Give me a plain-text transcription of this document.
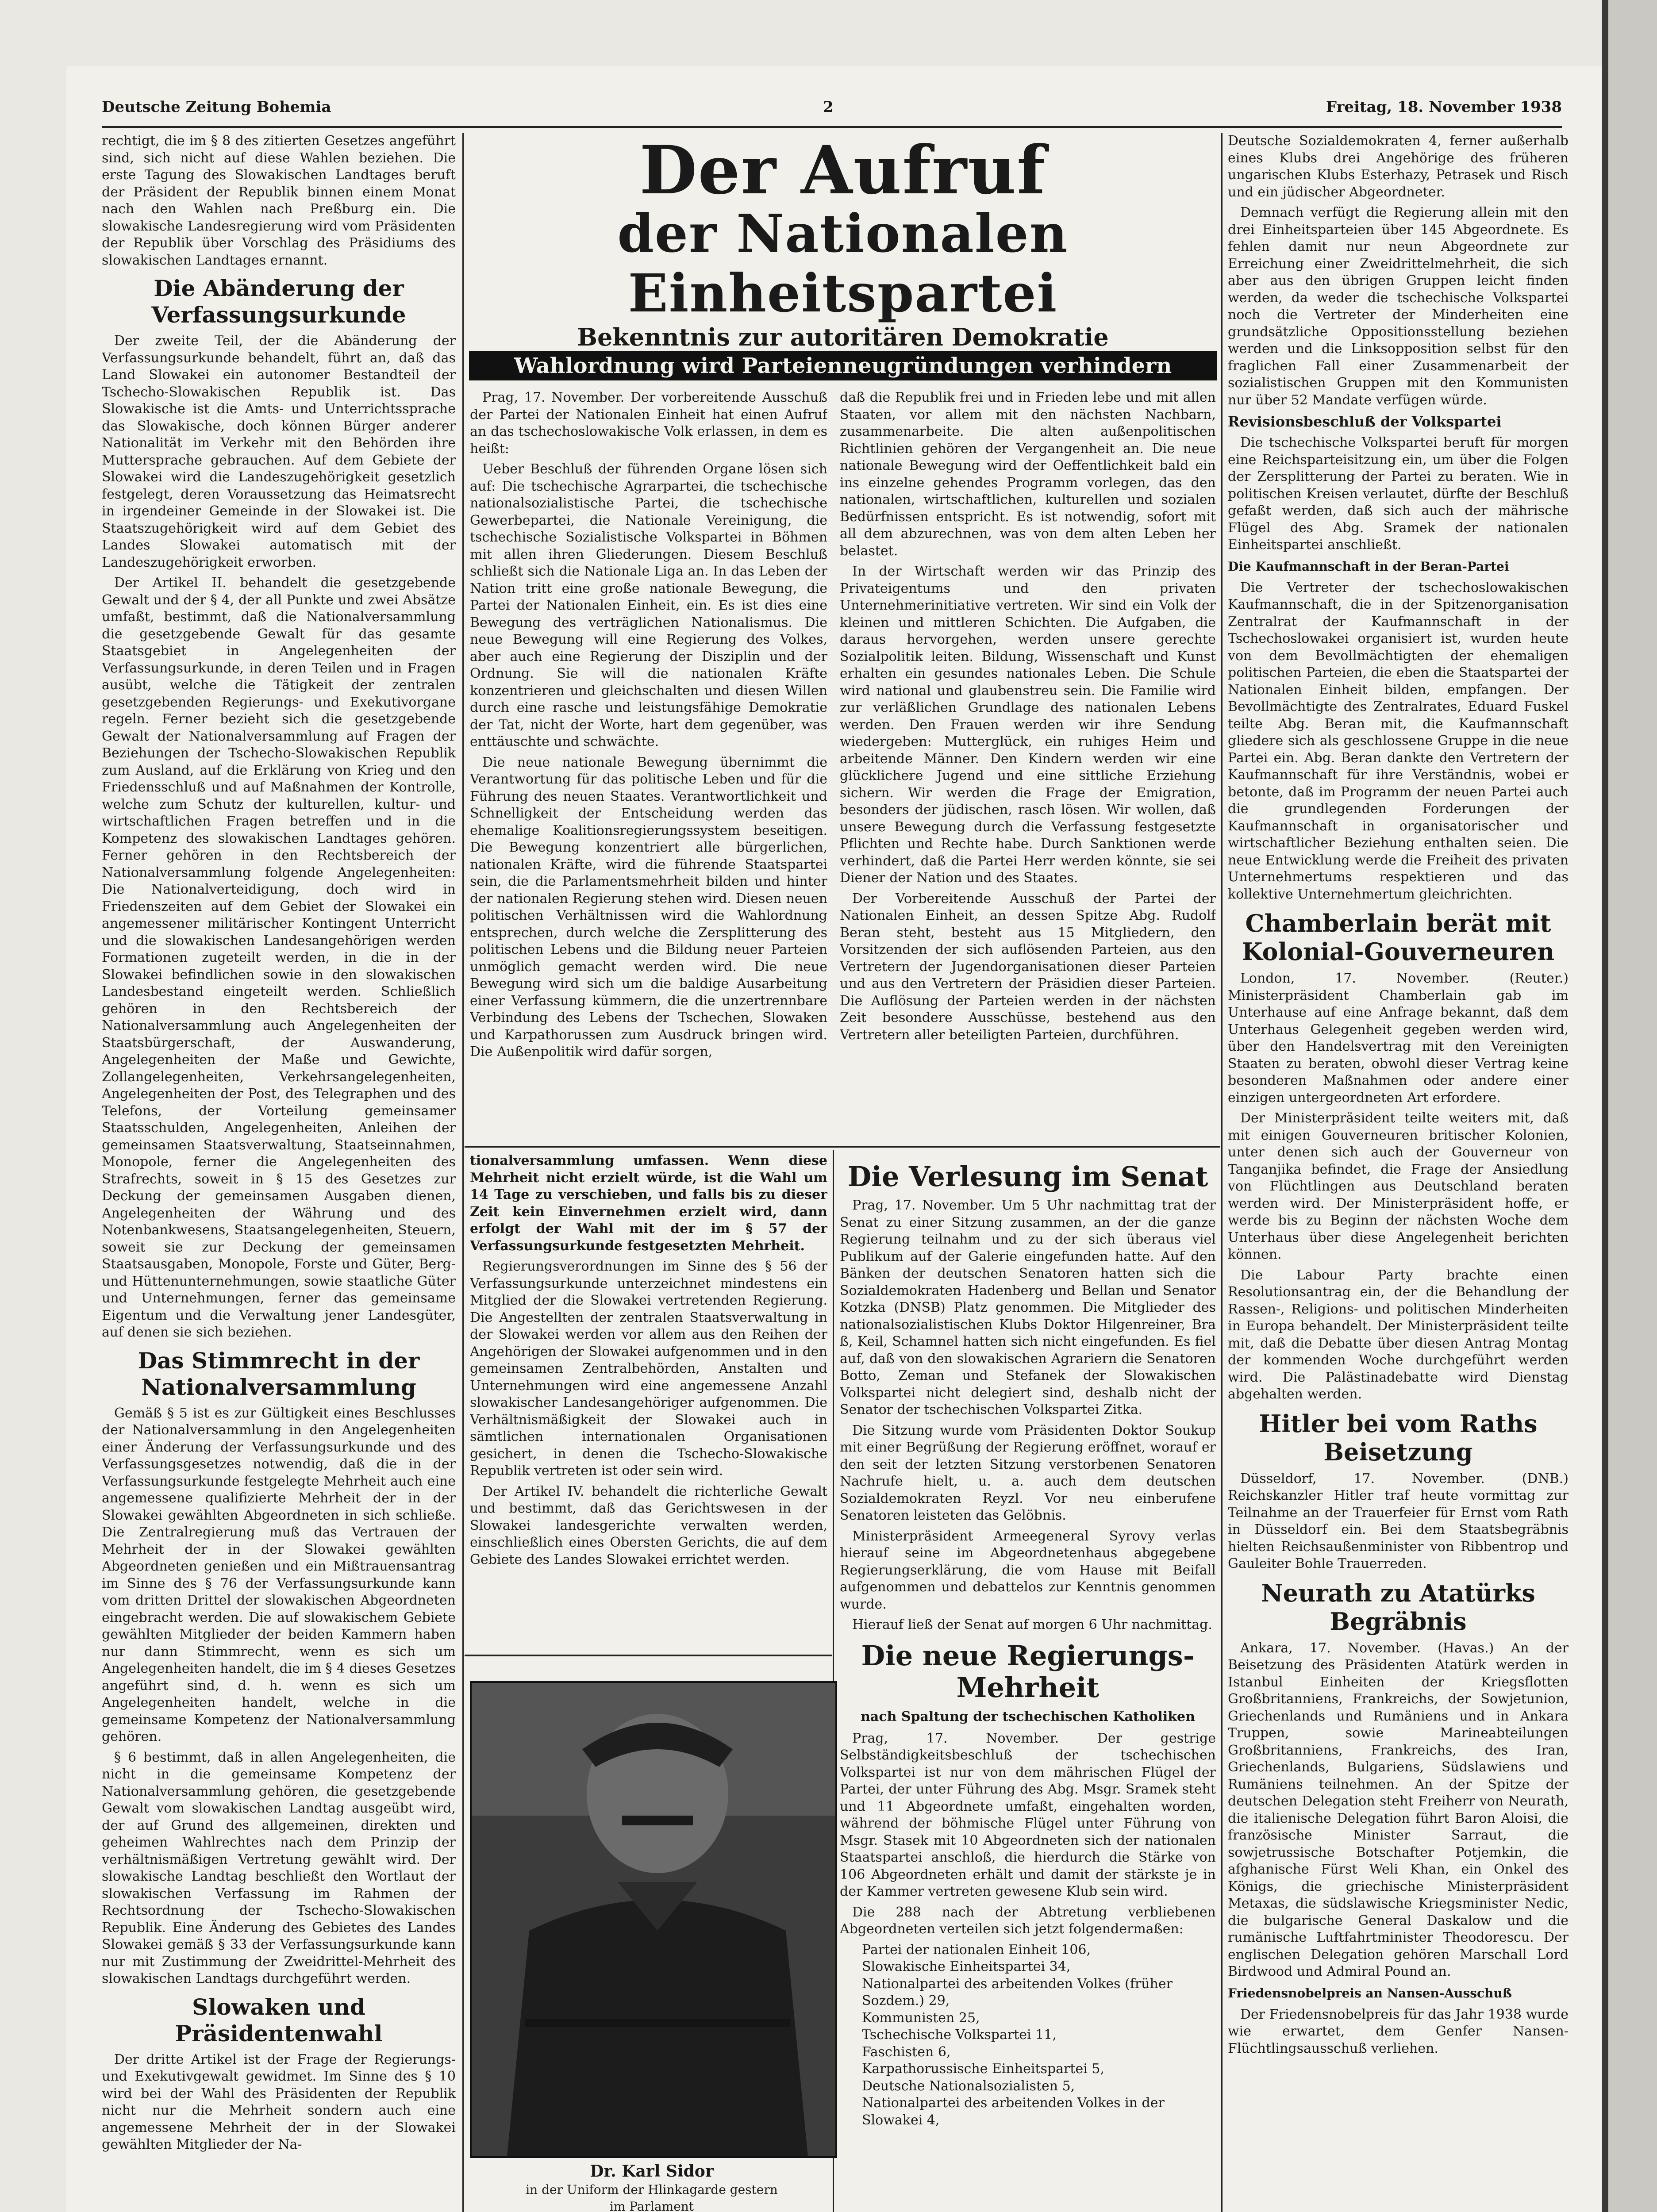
Deutsche Zeitung Bohemia	2	Freitag, 18. November 1938

rechtigt, die im § 8 des zitierten Gesetzes angeführt sind, sich nicht auf diese Wahlen beziehen. Die erste Tagung des Slowakischen Landtages beruft der Präsident der Republik binnen einem Monat nach den Wahlen nach Preßburg ein. Die slowakische Landesregierung wird vom Präsidenten der Republik über Vorschlag des Präsidiums des slowakischen Landtages ernannt.

Die Abänderung der Verfassungsurkunde

Der zweite Teil, der die Abänderung der Verfassungsurkunde behandelt, führt an, daß das Land Slowakei ein autonomer Bestandteil der Tschecho-Slowakischen Republik ist. Das Slowakische ist die Amts- und Unterrichtssprache das Slowakische, doch können Bürger anderer Nationalität im Verkehr mit den Behörden ihre Muttersprache gebrauchen. Auf dem Gebiete der Slowakei wird die Landeszugehörigkeit gesetzlich festgelegt, deren Voraussetzung das Heimatsrecht in irgendeiner Gemeinde in der Slowakei ist. Die Staatszugehörigkeit wird auf dem Gebiet des Landes Slowakei automatisch mit der Landeszugehörigkeit erworben.

Der Artikel II. behandelt die gesetzgebende Gewalt und der § 4, der all Punkte und zwei Absätze umfaßt, bestimmt, daß die Nationalversammlung die gesetzgebende Gewalt für das gesamte Staatsgebiet in Angelegenheiten der Verfassungsurkunde, in deren Teilen und in Fragen ausübt, welche die Tätigkeit der zentralen gesetzgebenden Regierungs- und Exekutivorgane regeln. Ferner bezieht sich die gesetzgebende Gewalt der Nationalversammlung auf Fragen der Beziehungen der Tschecho-Slowakischen Republik zum Ausland, auf die Erklärung von Krieg und den Friedensschluß und auf Maßnahmen der Kontrolle, welche zum Schutz der kulturellen, kultur- und wirtschaftlichen Fragen betreffen und in die Kompetenz des slowakischen Landtages gehören. Ferner gehören in den Rechtsbereich der Nationalversammlung folgende Angelegenheiten: Die Nationalverteidigung, doch wird in Friedenszeiten auf dem Gebiet der Slowakei ein angemessener militärischer Kontingent Unterricht und die slowakischen Landesangehörigen werden Formationen zugeteilt werden, in die in der Slowakei befindlichen sowie in den slowakischen Landesbestand eingeteilt werden. Schließlich gehören in den Rechtsbereich der Nationalversammlung auch Angelegenheiten der Staatsbürgerschaft, der Auswanderung, Angelegenheiten der Maße und Gewichte, Zollangelegenheiten, Verkehrsangelegenheiten, Angelegenheiten der Post, des Telegraphen und des Telefons, der Vorteilung gemeinsamer Staatsschulden, Angelegenheiten, Anleihen der gemeinsamen Staatsverwaltung, Staatseinnahmen, Monopole, ferner die Angelegenheiten des Strafrechts, soweit in § 15 des Gesetzes zur Deckung der gemeinsamen Ausgaben dienen, Angelegenheiten der Währung und des Notenbankwesens, Staatsangelegenheiten, Steuern, soweit sie zur Deckung der gemeinsamen Staatsausgaben, Monopole, Forste und Güter, Berg- und Hüttenunternehmungen, sowie staatliche Güter und Unternehmungen, ferner das gemeinsame Eigentum und die Verwaltung jener Landesgüter, auf denen sie sich beziehen.

Das Stimmrecht in der Nationalversammlung

Gemäß § 5 ist es zur Gültigkeit eines Beschlusses der Nationalversammlung in den Angelegenheiten einer Änderung der Verfassungsurkunde und des Verfassungsgesetzes notwendig, daß die in der Verfassungsurkunde festgelegte Mehrheit auch eine angemessene qualifizierte Mehrheit der in der Slowakei gewählten Abgeordneten in sich schließe. Die Zentralregierung muß das Vertrauen der Mehrheit der in der Slowakei gewählten Abgeordneten genießen und ein Mißtrauensantrag im Sinne des § 76 der Verfassungsurkunde kann vom dritten Drittel der slowakischen Abgeordneten eingebracht werden. Die auf slowakischem Gebiete gewählten Mitglieder der beiden Kammern haben nur dann Stimmrecht, wenn es sich um Angelegenheiten handelt, die im § 4 dieses Gesetzes angeführt sind, d. h. wenn es sich um Angelegenheiten handelt, welche in die gemeinsame Kompetenz der Nationalversammlung gehören.

§ 6 bestimmt, daß in allen Angelegenheiten, die nicht in die gemeinsame Kompetenz der Nationalversammlung gehören, die gesetzgebende Gewalt vom slowakischen Landtag ausgeübt wird, der auf Grund des allgemeinen, direkten und geheimen Wahlrechtes nach dem Prinzip der verhältnismäßigen Vertretung gewählt wird. Der slowakische Landtag beschließt den Wortlaut der slowakischen Verfassung im Rahmen der Rechtsordnung der Tschecho-Slowakischen Republik. Eine Änderung des Gebietes des Landes Slowakei gemäß § 33 der Verfassungsurkunde kann nur mit Zustimmung der Zweidrittel-Mehrheit des slowakischen Landtags durchgeführt werden.

Slowaken und Präsidentenwahl

Der dritte Artikel ist der Frage der Regierungs- und Exekutivgewalt gewidmet. Im Sinne des § 10 wird bei der Wahl des Präsidenten der Republik nicht nur die Mehrheit sondern auch eine angemessene Mehrheit der in der Slowakei gewählten Mitglieder der Na-

Der Aufruf
der Nationalen Einheitspartei
Bekenntnis zur autoritären Demokratie
Wahlordnung wird Parteienneugründungen verhindern

Prag, 17. November. Der vorbereitende Ausschuß der Partei der Nationalen Einheit hat einen Aufruf an das tschechoslowakische Volk erlassen, in dem es heißt:

Ueber Beschluß der führenden Organe lösen sich auf: Die tschechische Agrarpartei, die tschechische nationalsozialistische Partei, die tschechische Gewerbepartei, die Nationale Vereinigung, die tschechische Sozialistische Volkspartei in Böhmen mit allen ihren Gliederungen. Diesem Beschluß schließt sich die Nationale Liga an. In das Leben der Nation tritt eine große nationale Bewegung, die Partei der Nationalen Einheit, ein. Es ist dies eine Bewegung des verträglichen Nationalismus. Die neue Bewegung will eine Regierung des Volkes, aber auch eine Regierung der Disziplin und der Ordnung. Sie will die nationalen Kräfte konzentrieren und gleichschalten und diesen Willen durch eine rasche und leistungsfähige Demokratie der Tat, nicht der Worte, hart dem gegenüber, was enttäuschte und schwächte.

Die neue nationale Bewegung übernimmt die Verantwortung für das politische Leben und für die Führung des neuen Staates. Verantwortlichkeit und Schnelligkeit der Entscheidung werden das ehemalige Koalitionsregierungssystem beseitigen. Die Bewegung konzentriert alle bürgerlichen, nationalen Kräfte, wird die führende Staatspartei sein, die die Parlamentsmehrheit bilden und hinter der nationalen Regierung stehen wird. Diesen neuen politischen Verhältnissen wird die Wahlordnung entsprechen, durch welche die Zersplitterung des politischen Lebens und die Bildung neuer Parteien unmöglich gemacht werden wird. Die neue Bewegung wird sich um die baldige Ausarbeitung einer Verfassung kümmern, die die unzertrennbare Verbindung des Lebens der Tschechen, Slowaken und Karpathorussen zum Ausdruck bringen wird. Die Außenpolitik wird dafür sorgen,

daß die Republik frei und in Frieden lebe und mit allen Staaten, vor allem mit den nächsten Nachbarn, zusammenarbeite. Die alten außenpolitischen Richtlinien gehören der Vergangenheit an. Die neue nationale Bewegung wird der Oeffentlichkeit bald ein ins einzelne gehendes Programm vorlegen, das den nationalen, wirtschaftlichen, kulturellen und sozialen Bedürfnissen entspricht. Es ist notwendig, sofort mit all dem abzurechnen, was von dem alten Leben her belastet.

In der Wirtschaft werden wir das Prinzip des Privateigentums und den privaten Unternehmerinitiative vertreten. Wir sind ein Volk der kleinen und mittleren Schichten. Die Aufgaben, die daraus hervorgehen, werden unsere gerechte Sozialpolitik leiten. Bildung, Wissenschaft und Kunst erhalten ein gesundes nationales Leben. Die Schule wird national und glaubenstreu sein. Die Familie wird zur verläßlichen Grundlage des nationalen Lebens werden. Den Frauen werden wir ihre Sendung wiedergeben: Mutterglück, ein ruhiges Heim und arbeitende Männer. Den Kindern werden wir eine glücklichere Jugend und eine sittliche Erziehung sichern. Wir werden die Frage der Emigration, besonders der jüdischen, rasch lösen. Wir wollen, daß unsere Bewegung durch die Verfassung festgesetzte Pflichten und Rechte habe. Durch Sanktionen werde verhindert, daß die Partei Herr werden könnte, sie sei Diener der Nation und des Staates.

Der Vorbereitende Ausschuß der Partei der Nationalen Einheit, an dessen Spitze Abg. Rudolf Beran steht, besteht aus 15 Mitgliedern, den Vorsitzenden der sich auflösenden Parteien, aus den Vertretern der Jugendorganisationen dieser Parteien und aus den Vertretern der Präsidien dieser Parteien. Die Auflösung der Parteien werden in der nächsten Zeit besondere Ausschüsse, bestehend aus den Vertretern aller beteiligten Parteien, durchführen.

tionalversammlung umfassen. Wenn diese Mehrheit nicht erzielt würde, ist die Wahl um 14 Tage zu verschieben, und falls bis zu dieser Zeit kein Einvernehmen erzielt wird, dann erfolgt der Wahl mit der im § 57 der Verfassungsurkunde festgesetzten Mehrheit.

Regierungsverordnungen im Sinne des § 56 der Verfassungsurkunde unterzeichnet mindestens ein Mitglied der die Slowakei vertretenden Regierung. Die Angestellten der zentralen Staatsverwaltung in der Slowakei werden vor allem aus den Reihen der Angehörigen der Slowakei aufgenommen und in den gemeinsamen Zentralbehörden, Anstalten und Unternehmungen wird eine angemessene Anzahl slowakischer Landesangehöriger aufgenommen. Die Verhältnismäßigkeit der Slowakei auch in sämtlichen internationalen Organisationen gesichert, in denen die Tschecho-Slowakische Republik vertreten ist oder sein wird.

Der Artikel IV. behandelt die richterliche Gewalt und bestimmt, daß das Gerichtswesen in der Slowakei landesgerichte verwalten werden, einschließlich eines Obersten Gerichts, die auf dem Gebiete des Landes Slowakei errichtet werden.

Dr. Karl Sidor
in der Uniform der Hlinkagarde gestern
im Parlament
Die Verlesung im Senat

Prag, 17. November. Um 5 Uhr nachmittag trat der Senat zu einer Sitzung zusammen, an der die ganze Regierung teilnahm und zu der sich überaus viel Publikum auf der Galerie eingefunden hatte. Auf den Bänken der deutschen Senatoren hatten sich die Sozialdemokraten Hadenberg und Bellan und Senator Kotzka (DNSB) Platz genommen. Die Mitglieder des nationalsozialistischen Klubs Doktor Hilgenreiner, Bra ß, Keil, Schamnel hatten sich nicht eingefunden. Es fiel auf, daß von den slowakischen Agrariern die Senatoren Botto, Zeman und Stefanek der Slowakischen Volkspartei nicht delegiert sind, deshalb nicht der Senator der tschechischen Volkspartei Zitka.

Die Sitzung wurde vom Präsidenten Doktor Soukup mit einer Begrüßung der Regierung eröffnet, worauf er den seit der letzten Sitzung verstorbenen Senatoren Nachrufe hielt, u. a. auch dem deutschen Sozialdemokraten Reyzl. Vor neu einberufene Senatoren leisteten das Gelöbnis.

Ministerpräsident Armeegeneral Syrovy verlas hierauf seine im Abgeordnetenhaus abgegebene Regierungserklärung, die vom Hause mit Beifall aufgenommen und debattelos zur Kenntnis genommen wurde.

Hierauf ließ der Senat auf morgen 6 Uhr nachmittag.

Die neue Regierungs-Mehrheit
nach Spaltung der tschechischen Katholiken

Prag, 17. November. Der gestrige Selbständigkeitsbeschluß der tschechischen Volkspartei ist nur von dem mährischen Flügel der Partei, der unter Führung des Abg. Msgr. Sramek steht und 11 Abgeordnete umfaßt, eingehalten worden, während der böhmische Flügel unter Führung von Msgr. Stasek mit 10 Abgeordneten sich der nationalen Staatspartei anschloß, die hierdurch die Stärke von 106 Abgeordneten erhält und damit der stärkste je in der Kammer vertreten gewesene Klub sein wird.

Die 288 nach der Abtretung verbliebenen Abgeordneten verteilen sich jetzt folgendermaßen:

Partei der nationalen Einheit 106,

Slowakische Einheitspartei 34,

Nationalpartei des arbeitenden Volkes (früher Sozdem.) 29,

Kommunisten 25,

Tschechische Volkspartei 11,

Faschisten 6,

Karpathorussische Einheitspartei 5,

Deutsche Nationalsozialisten 5,

Nationalpartei des arbeitenden Volkes in der Slowakei 4,

Deutsche Sozialdemokraten 4, ferner außerhalb eines Klubs drei Angehörige des früheren ungarischen Klubs Esterhazy, Petrasek und Risch und ein jüdischer Abgeordneter.

Demnach verfügt die Regierung allein mit den drei Einheitsparteien über 145 Abgeordnete. Es fehlen damit nur neun Abgeordnete zur Erreichung einer Zweidrittelmehrheit, die sich aber aus den übrigen Gruppen leicht finden werden, da weder die tschechische Volkspartei noch die Vertreter der Minderheiten eine grundsätzliche Oppositionsstellung beziehen werden und die Linksopposition selbst für den fraglichen Fall einer Zusammenarbeit der sozialistischen Gruppen mit den Kommunisten nur über 52 Mandate verfügen würde.

Revisionsbeschluß der Volkspartei

Die tschechische Volkspartei beruft für morgen eine Reichsparteisitzung ein, um über die Folgen der Zersplitterung der Partei zu beraten. Wie in politischen Kreisen verlautet, dürfte der Beschluß gefaßt werden, daß sich auch der mährische Flügel des Abg. Sramek der nationalen Einheitspartei anschließt.

Die Kaufmannschaft in der Beran-Partei

Die Vertreter der tschechoslowakischen Kaufmannschaft, die in der Spitzenorganisation Zentralrat der Kaufmannschaft in der Tschechoslowakei organisiert ist, wurden heute von dem Bevollmächtigten der ehemaligen politischen Parteien, die eben die Staatspartei der Nationalen Einheit bilden, empfangen. Der Bevollmächtigte des Zentralrates, Eduard Fuskel teilte Abg. Beran mit, die Kaufmannschaft gliedere sich als geschlossene Gruppe in die neue Partei ein. Abg. Beran dankte den Vertretern der Kaufmannschaft für ihre Verständnis, wobei er betonte, daß im Programm der neuen Partei auch die grundlegenden Forderungen der Kaufmannschaft in organisatorischer und wirtschaftlicher Beziehung enthalten seien. Die neue Entwicklung werde die Freiheit des privaten Unternehmertums respektieren und das kollektive Unternehmertum gleichrichten.

Chamberlain berät mit Kolonial-Gouverneuren

London, 17. November. (Reuter.) Ministerpräsident Chamberlain gab im Unterhause auf eine Anfrage bekannt, daß dem Unterhaus Gelegenheit gegeben werden wird, über den Handelsvertrag mit den Vereinigten Staaten zu beraten, obwohl dieser Vertrag keine besonderen Maßnahmen oder andere einer einzigen untergeordneten Art erfordere.

Der Ministerpräsident teilte weiters mit, daß mit einigen Gouverneuren britischer Kolonien, unter denen sich auch der Gouverneur von Tanganjika befindet, die Frage der Ansiedlung von Flüchtlingen aus Deutschland beraten werden wird. Der Ministerpräsident hoffe, er werde bis zu Beginn der nächsten Woche dem Unterhaus über diese Angelegenheit berichten können.

Die Labour Party brachte einen Resolutionsantrag ein, der die Behandlung der Rassen-, Religions- und politischen Minderheiten in Europa behandelt. Der Ministerpräsident teilte mit, daß die Debatte über diesen Antrag Montag der kommenden Woche durchgeführt werden wird. Die Palästinadebatte wird Dienstag abgehalten werden.

Hitler bei vom Raths Beisetzung

Düsseldorf, 17. November. (DNB.) Reichskanzler Hitler traf heute vormittag zur Teilnahme an der Trauerfeier für Ernst vom Rath in Düsseldorf ein. Bei dem Staatsbegräbnis hielten Reichsaußenminister von Ribbentrop und Gauleiter Bohle Trauerreden.

Neurath zu Atatürks Begräbnis

Ankara, 17. November. (Havas.) An der Beisetzung des Präsidenten Atatürk werden in Istanbul Einheiten der Kriegsflotten Großbritanniens, Frankreichs, der Sowjetunion, Griechenlands und Rumäniens und in Ankara Truppen, sowie Marineabteilungen Großbritanniens, Frankreichs, des Iran, Griechenlands, Bulgariens, Südslawiens und Rumäniens teilnehmen. An der Spitze der deutschen Delegation steht Freiherr von Neurath, die italienische Delegation führt Baron Aloisi, die französische Minister Sarraut, die sowjetrussische Botschafter Potjemkin, die afghanische Fürst Weli Khan, ein Onkel des Königs, die griechische Ministerpräsident Metaxas, die südslawische Kriegsminister Nedic, die bulgarische General Daskalow und die rumänische Luftfahrtminister Theodorescu. Der englischen Delegation gehören Marschall Lord Birdwood und Admiral Pound an.

Friedensnobelpreis an Nansen-Ausschuß

Der Friedensnobelpreis für das Jahr 1938 wurde wie erwartet, dem Genfer Nansen-Flüchtlingsausschuß verliehen.
